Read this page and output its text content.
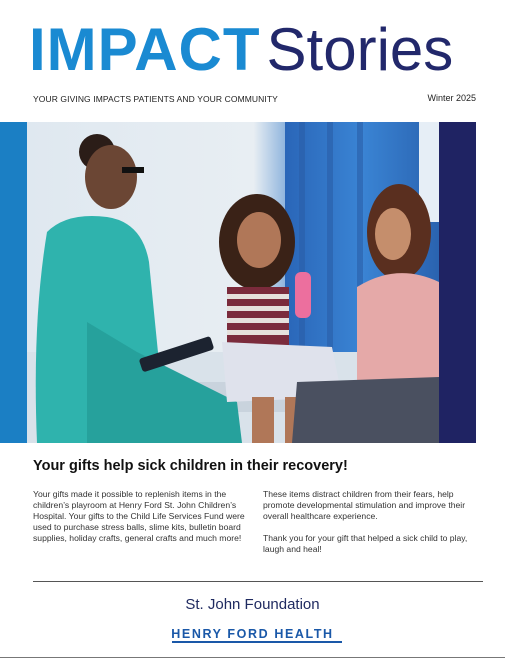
IMPACT Stories
YOUR GIVING IMPACTS PATIENTS AND YOUR COMMUNITY	Winter 2025
Your gifts help sick children in their recovery!

Your gifts made it possible to replenish items in the children’s playroom at Henry Ford St. John Children’s Hospital. Your gifts to the Child Life Services Fund were used to purchase stress balls, slime kits, bulletin board supplies, holiday crafts, general crafts and much more!

These items distract children from their fears, help promote developmental stimulation and improve their overall healthcare experience.

Thank you for your gift that helped a sick child to play, laugh and heal!

St. John Foundation
HENRY FORD HEALTH
